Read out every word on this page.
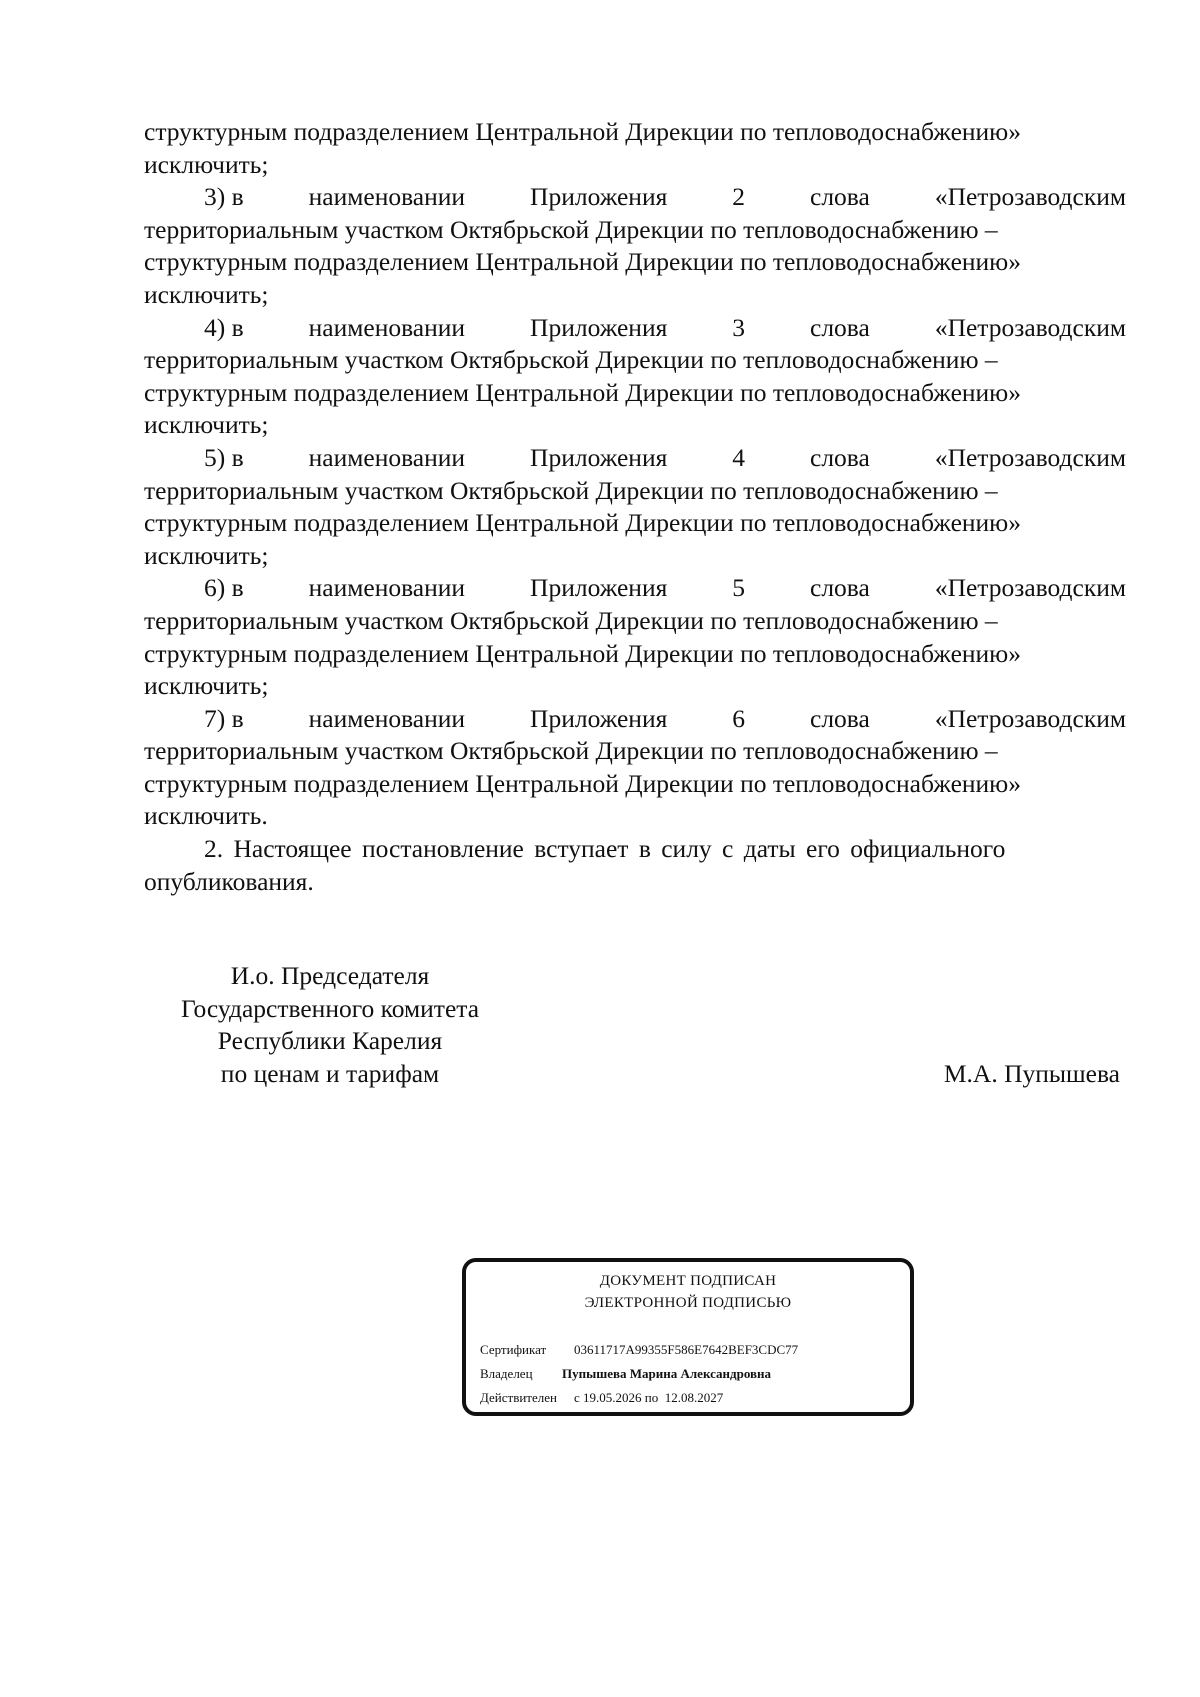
структурным подразделением Центральной Дирекции по тепловодоснабжению»
исключить;
3) в	наименовании	Приложения	2	слова	«Петрозаводским
территориальным участком Октябрьской Дирекции по тепловодоснабжению –
структурным подразделением Центральной Дирекции по тепловодоснабжению»
исключить;
4) в	наименовании	Приложения	3	слова	«Петрозаводским
территориальным участком Октябрьской Дирекции по тепловодоснабжению –
структурным подразделением Центральной Дирекции по тепловодоснабжению»
исключить;
5) в	наименовании	Приложения	4	слова	«Петрозаводским
территориальным участком Октябрьской Дирекции по тепловодоснабжению –
структурным подразделением Центральной Дирекции по тепловодоснабжению»
исключить;
6) в	наименовании	Приложения	5	слова	«Петрозаводским
территориальным участком Октябрьской Дирекции по тепловодоснабжению –
структурным подразделением Центральной Дирекции по тепловодоснабжению»
исключить;
7) в	наименовании	Приложения	6	слова	«Петрозаводским
территориальным участком Октябрьской Дирекции по тепловодоснабжению –
структурным подразделением Центральной Дирекции по тепловодоснабжению»
исключить.
2. Настоящее постановление вступает в силу с даты его официального
опубликования.
И.о. Председателя
Государственного комитета
Республики Карелия
по ценам и тарифам	М.А. Пупышева
ДОКУМЕНТ ПОДПИСАН
ЭЛЕКТРОННОЙ ПОДПИСЬЮ
Сертификат 03611717A99355F586E7642BEF3CDC77
Владелец Пупышева Марина Александровна
Действителен с 19.05.2026 по 12.08.2027
